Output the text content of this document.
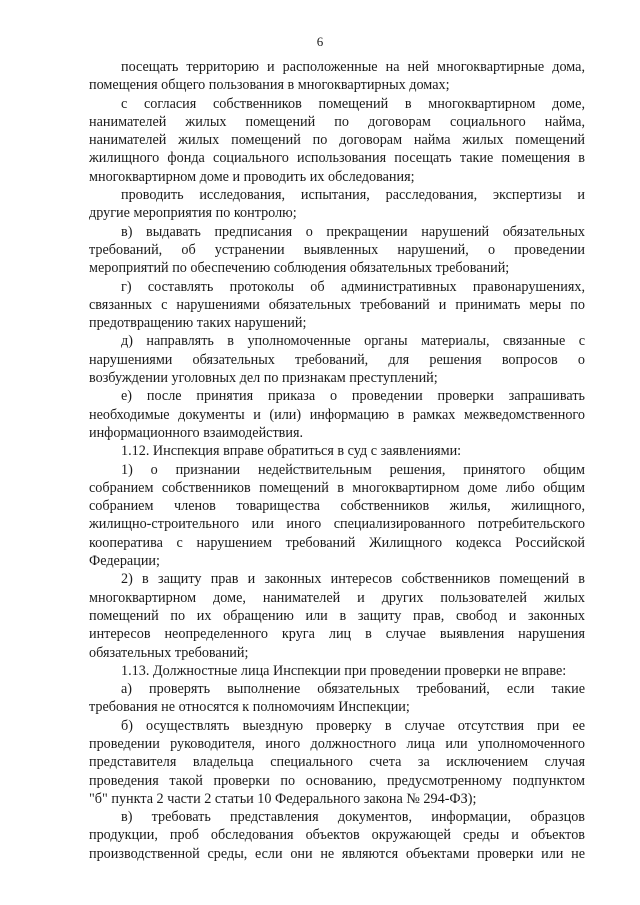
6
посещать территорию и расположенные на ней многоквартирные дома,
помещения общего пользования в многоквартирных домах;
с согласия собственников помещений в многоквартирном доме,
нанимателей жилых помещений по договорам социального найма,
нанимателей жилых помещений по договорам найма жилых помещений
жилищного фонда социального использования посещать такие помещения в
многоквартирном доме и проводить их обследования;
проводить исследования, испытания, расследования, экспертизы и
другие мероприятия по контролю;
в) выдавать предписания о прекращении нарушений обязательных
требований, об устранении выявленных нарушений, о проведении
мероприятий по обеспечению соблюдения обязательных требований;
г) составлять протоколы об административных правонарушениях,
связанных с нарушениями обязательных требований и принимать меры по
предотвращению таких нарушений;
д) направлять в уполномоченные органы материалы, связанные с
нарушениями обязательных требований, для решения вопросов о
возбуждении уголовных дел по признакам преступлений;
е) после принятия приказа о проведении проверки запрашивать
необходимые документы и (или) информацию в рамках межведомственного
информационного взаимодействия.
1.12. Инспекция вправе обратиться в суд с заявлениями:
1) о признании недействительным решения, принятого общим
собранием собственников помещений в многоквартирном доме либо общим
собранием членов товарищества собственников жилья, жилищного,
жилищно-строительного или иного специализированного потребительского
кооператива с нарушением требований Жилищного кодекса Российской
Федерации;
2) в защиту прав и законных интересов собственников помещений в
многоквартирном доме, нанимателей и других пользователей жилых
помещений по их обращению или в защиту прав, свобод и законных
интересов неопределенного круга лиц в случае выявления нарушения
обязательных требований;
1.13. Должностные лица Инспекции при проведении проверки не вправе:
а) проверять выполнение обязательных требований, если такие
требования не относятся к полномочиям Инспекции;
б) осуществлять выездную проверку в случае отсутствия при ее
проведении руководителя, иного должностного лица или уполномоченного
представителя владельца специального счета за исключением случая
проведения такой проверки по основанию, предусмотренному подпунктом
"б" пункта 2 части 2 статьи 10 Федерального закона № 294-ФЗ);
в) требовать представления документов, информации, образцов
продукции, проб обследования объектов окружающей среды и объектов
производственной среды, если они не являются объектами проверки или не
